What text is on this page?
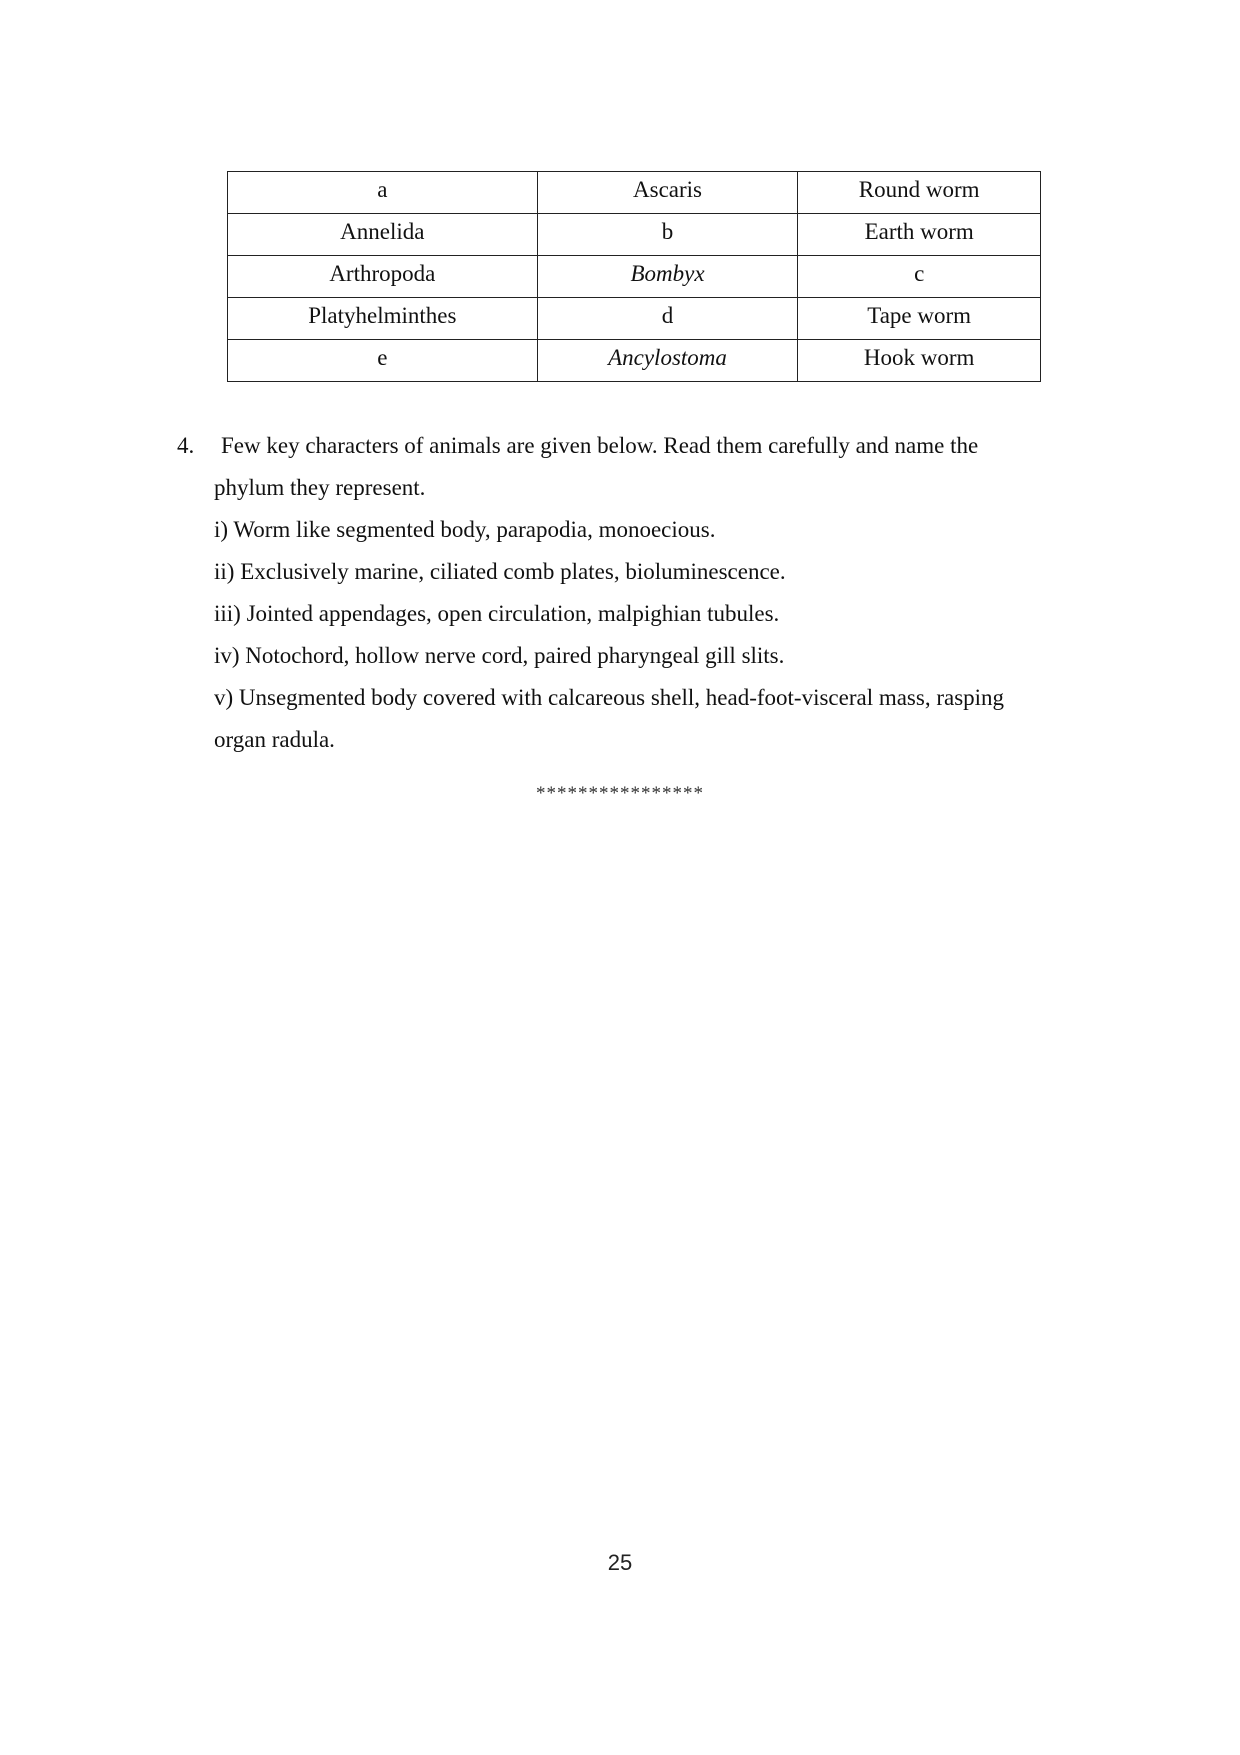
a	Ascaris	Round worm
Annelida	b	Earth worm
Arthropoda	Bombyx	c
Platyhelminthes	d	Tape worm
e	Ancylostoma	Hook worm
4. Few key characters of animals are given below. Read them carefully and name the
phylum they represent.
i) Worm like segmented body, parapodia, monoecious.
ii) Exclusively marine, ciliated comb plates, bioluminescence.
iii) Jointed appendages, open circulation, malpighian tubules.
iv) Notochord, hollow nerve cord, paired pharyngeal gill slits.
v) Unsegmented body covered with calcareous shell, head-foot-visceral mass, rasping
organ radula.
****************
25
